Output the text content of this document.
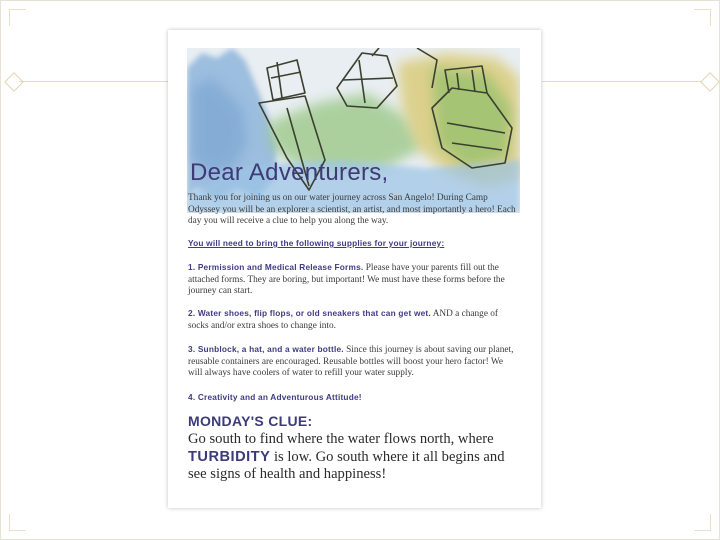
Dear Adventurers,

Thank you for joining us on our water journey across San Angelo! During Camp Odyssey you will be an explorer a scientist, an artist, and most importantly a hero! Each day you will receive a clue to help you along the way.

You will need to bring the following supplies for your journey:

1. Permission and Medical Release Forms. Please have your parents fill out the attached forms. They are boring, but important! We must have these forms before the journey can start.

2. Water shoes, flip flops, or old sneakers that can get wet. AND a change of socks and/or extra shoes to change into.

3. Sunblock, a hat, and a water bottle. Since this journey is about saving our planet, reusable containers are encouraged. Reusable bottles will boost your hero factor! We will always have coolers of water to refill your water supply.

4. Creativity and an Adventurous Attitude!

MONDAY'S CLUE:

Go south to find where the water flows north, where TURBIDITY is low. Go south where it all begins and see signs of health and happiness!
